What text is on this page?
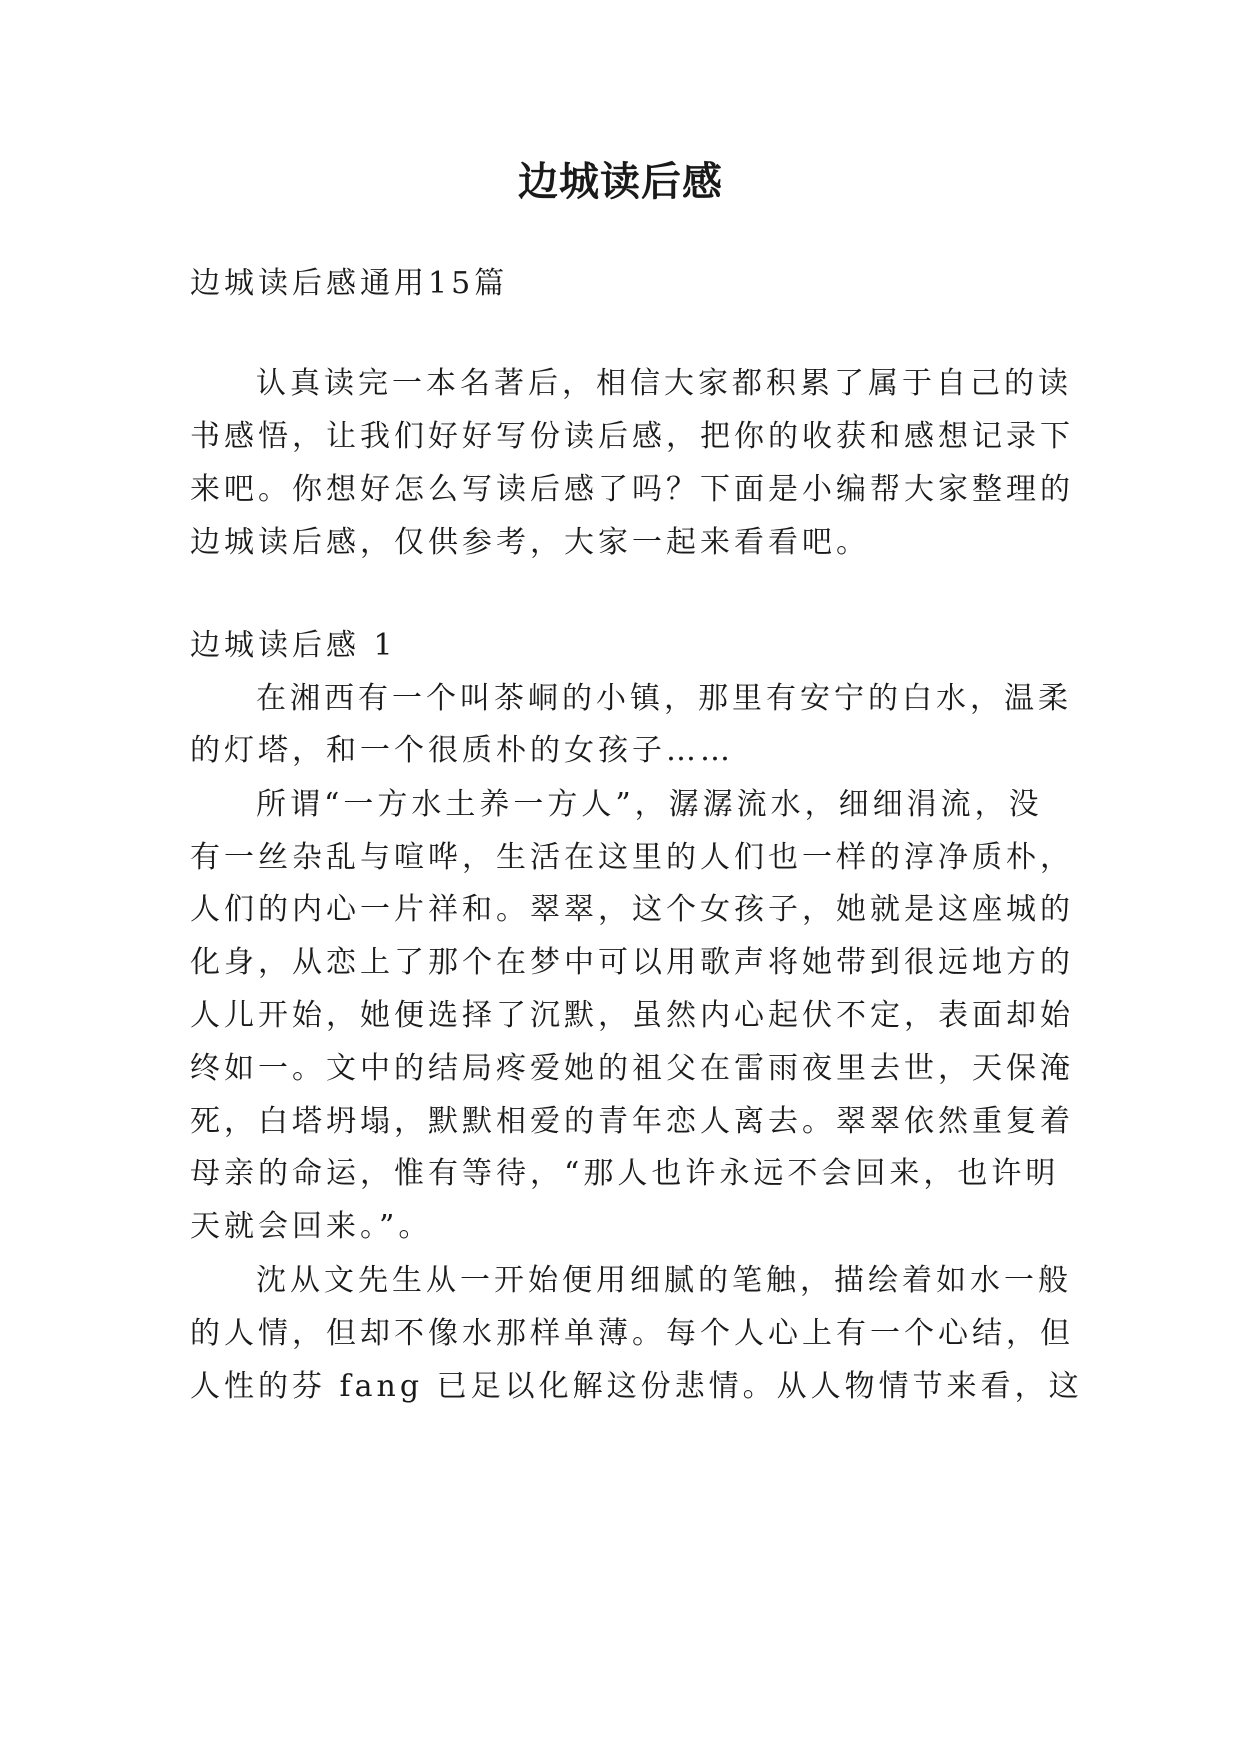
边城读后感

边城读后感通用15篇

认真读完一本名著后，相信大家都积累了属于自己的读

书感悟，让我们好好写份读后感，把你的收获和感想记录下

来吧。你想好怎么写读后感了吗？下面是小编帮大家整理的

边城读后感，仅供参考，大家一起来看看吧。

边城读后感 1

在湘西有一个叫茶峒的小镇，那里有安宁的白水，温柔

的灯塔，和一个很质朴的女孩子……

所谓“一方水土养一方人”，潺潺流水，细细涓流，没

有一丝杂乱与喧哗，生活在这里的人们也一样的淳净质朴，

人们的内心一片祥和。翠翠，这个女孩子，她就是这座城的

化身，从恋上了那个在梦中可以用歌声将她带到很远地方的

人儿开始，她便选择了沉默，虽然内心起伏不定，表面却始

终如一。文中的结局疼爱她的祖父在雷雨夜里去世，天保淹

死，白塔坍塌，默默相爱的青年恋人离去。翠翠依然重复着

母亲的命运，惟有等待，“那人也许永远不会回来，也许明

天就会回来。”。

沈从文先生从一开始便用细腻的笔触，描绘着如水一般

的人情，但却不像水那样单薄。每个人心上有一个心结，但

人性的芬 fang 已足以化解这份悲情。从人物情节来看，这
